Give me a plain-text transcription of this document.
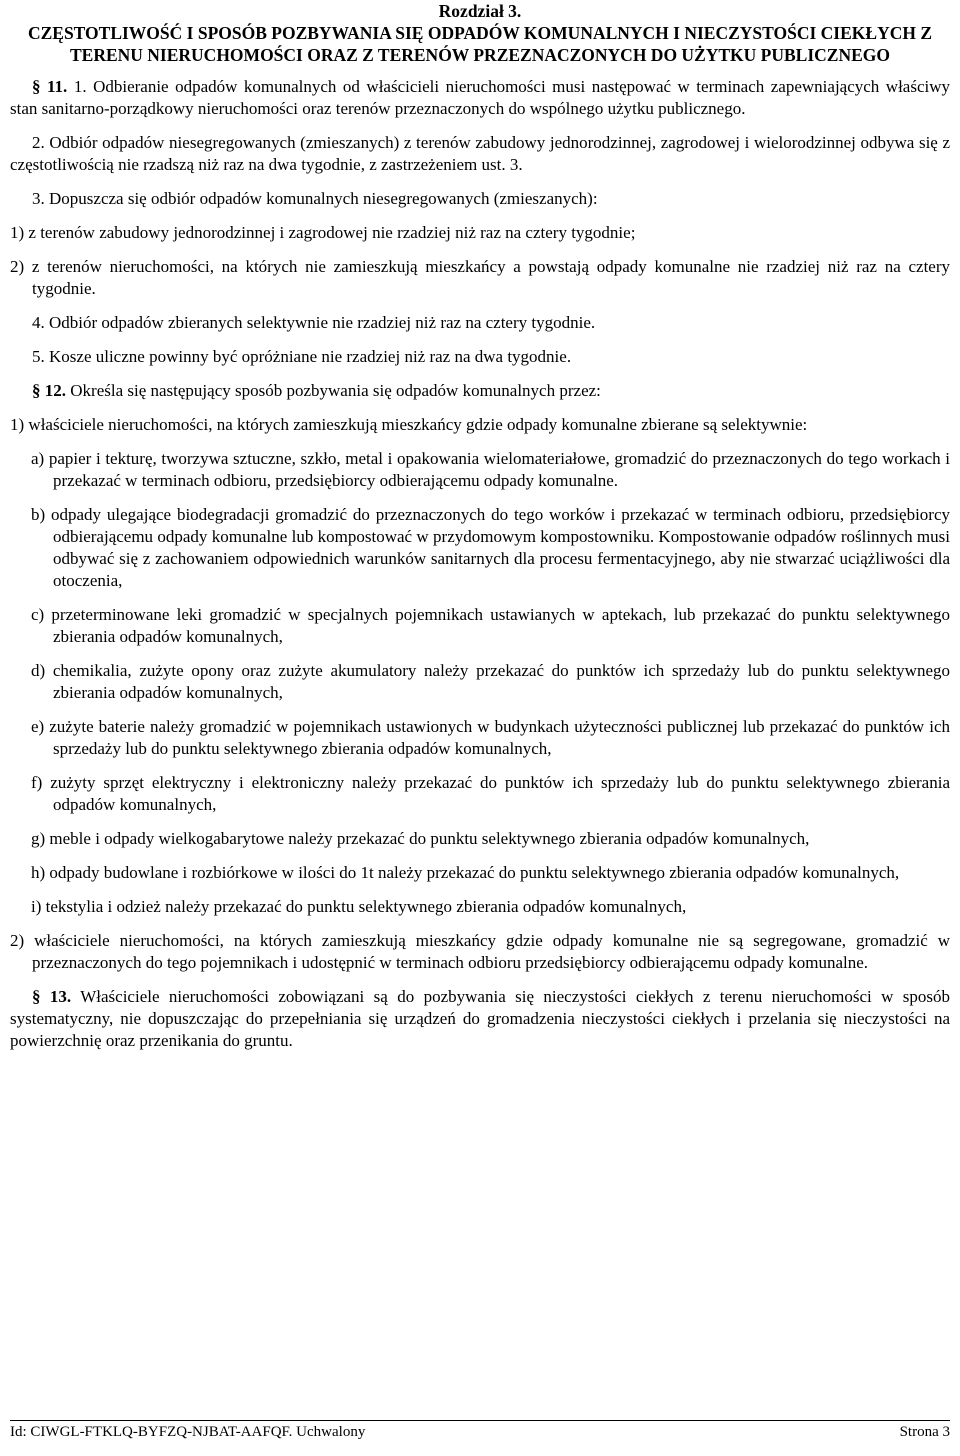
Rozdział 3.
CZĘSTOTLIWOŚĆ I SPOSÓB POZBYWANIA SIĘ ODPADÓW KOMUNALNYCH I NIECZYSTOŚCI CIEKŁYCH Z TERENU NIERUCHOMOŚCI ORAZ Z TERENÓW PRZEZNACZONYCH DO UŻYTKU PUBLICZNEGO

§ 11. 1. Odbieranie odpadów komunalnych od właścicieli nieruchomości musi następować w terminach zapewniających właściwy stan sanitarno-porządkowy nieruchomości oraz terenów przeznaczonych do wspólnego użytku publicznego.

2. Odbiór odpadów niesegregowanych (zmieszanych) z terenów zabudowy jednorodzinnej, zagrodowej i wielorodzinnej odbywa się z częstotliwością nie rzadszą niż raz na dwa tygodnie, z zastrzeżeniem ust. 3.

3. Dopuszcza się odbiór odpadów komunalnych niesegregowanych (zmieszanych):

1) z terenów zabudowy jednorodzinnej i zagrodowej nie rzadziej niż raz na cztery tygodnie;

2) z terenów nieruchomości, na których nie zamieszkują mieszkańcy a powstają odpady komunalne nie rzadziej niż raz na cztery tygodnie.

4. Odbiór odpadów zbieranych selektywnie nie rzadziej niż raz na cztery tygodnie.

5. Kosze uliczne powinny być opróżniane nie rzadziej niż raz na dwa tygodnie.

§ 12. Określa się następujący sposób pozbywania się odpadów komunalnych przez:

1) właściciele nieruchomości, na których zamieszkują mieszkańcy gdzie odpady komunalne zbierane są selektywnie:

a) papier i tekturę, tworzywa sztuczne, szkło, metal i opakowania wielomateriałowe, gromadzić do przeznaczonych do tego workach i przekazać w terminach odbioru, przedsiębiorcy odbierającemu odpady komunalne.

b) odpady ulegające biodegradacji gromadzić do przeznaczonych do tego worków i przekazać w terminach odbioru, przedsiębiorcy odbierającemu odpady komunalne lub kompostować w przydomowym kompostowniku. Kompostowanie odpadów roślinnych musi odbywać się z zachowaniem odpowiednich warunków sanitarnych dla procesu fermentacyjnego, aby nie stwarzać uciążliwości dla otoczenia,

c) przeterminowane leki gromadzić w specjalnych pojemnikach ustawianych w aptekach, lub przekazać do punktu selektywnego zbierania odpadów komunalnych,

d) chemikalia, zużyte opony oraz zużyte akumulatory należy przekazać do punktów ich sprzedaży lub do punktu selektywnego zbierania odpadów komunalnych,

e) zużyte baterie należy gromadzić w pojemnikach ustawionych w budynkach użyteczności publicznej lub przekazać do punktów ich sprzedaży lub do punktu selektywnego zbierania odpadów komunalnych,

f) zużyty sprzęt elektryczny i elektroniczny należy przekazać do punktów ich sprzedaży lub do punktu selektywnego zbierania odpadów komunalnych,

g) meble i odpady wielkogabarytowe należy przekazać do punktu selektywnego zbierania odpadów komunalnych,

h) odpady budowlane i rozbiórkowe w ilości do 1t należy przekazać do punktu selektywnego zbierania odpadów komunalnych,

i) tekstylia i odzież należy przekazać do punktu selektywnego zbierania odpadów komunalnych,

2) właściciele nieruchomości, na których zamieszkują mieszkańcy gdzie odpady komunalne nie są segregowane, gromadzić w przeznaczonych do tego pojemnikach i udostępnić w terminach odbioru przedsiębiorcy odbierającemu odpady komunalne.

§ 13. Właściciele nieruchomości zobowiązani są do pozbywania się nieczystości ciekłych z terenu nieruchomości w sposób systematyczny, nie dopuszczając do przepełniania się urządzeń do gromadzenia nieczystości ciekłych i przelania się nieczystości na powierzchnię oraz przenikania do gruntu.

Id: CIWGL-FTKLQ-BYFZQ-NJBAT-AAFQF. Uchwalony	Strona 3
